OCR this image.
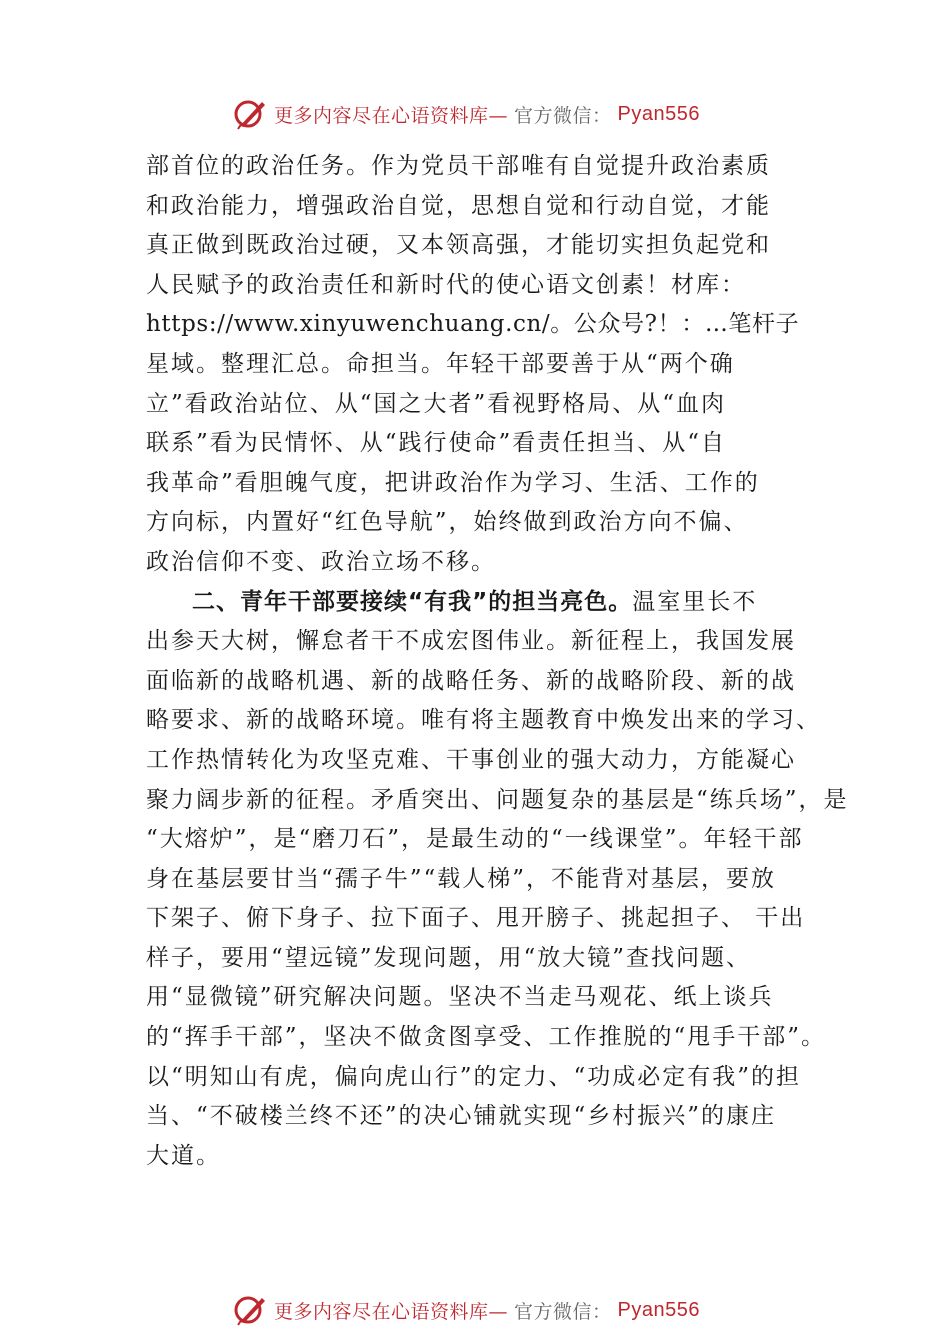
更多内容尽在心语资料库— 官方微信： Pyan556
部首位的政治任务。作为党员干部唯有自觉提升政治素质
和政治能力，增强政治自觉，思想自觉和行动自觉，才能
真正做到既政治过硬，又本领高强，才能切实担负起党和
人民赋予的政治责任和新时代的使心语文创素！材库：
https://www.xinyuwenchuang.cn/。公众号?！：…笔杆子
星域。整理汇总。命担当。年轻干部要善于从“两个确
立”看政治站位、从“国之大者”看视野格局、从“血肉
联系”看为民情怀、从“践行使命”看责任担当、从“自
我革命”看胆魄气度，把讲政治作为学习、生活、工作的
方向标，内置好“红色导航”，始终做到政治方向不偏、
政治信仰不变、政治立场不移。
二、青年干部要接续“有我”的担当亮色。温室里长不
出参天大树，懈怠者干不成宏图伟业。新征程上，我国发展
面临新的战略机遇、新的战略任务、新的战略阶段、新的战
略要求、新的战略环境。唯有将主题教育中焕发出来的学习、
工作热情转化为攻坚克难、干事创业的强大动力，方能凝心
聚力阔步新的征程。矛盾突出、问题复杂的基层是“练兵场”，是
“大熔炉”，是“磨刀石”，是最生动的“一线课堂”。年轻干部
身在基层要甘当“孺子牛”“载人梯”，不能背对基层，要放
下架子、俯下身子、拉下面子、甩开膀子、挑起担子、 干出
样子，要用“望远镜”发现问题，用“放大镜”查找问题、
用“显微镜”研究解决问题。坚决不当走马观花、纸上谈兵
的“挥手干部”，坚决不做贪图享受、工作推脱的“甩手干部”。
以“明知山有虎，偏向虎山行”的定力、“功成必定有我”的担
当、“不破楼兰终不还”的决心铺就实现“乡村振兴”的康庄
大道。
更多内容尽在心语资料库— 官方微信： Pyan556
